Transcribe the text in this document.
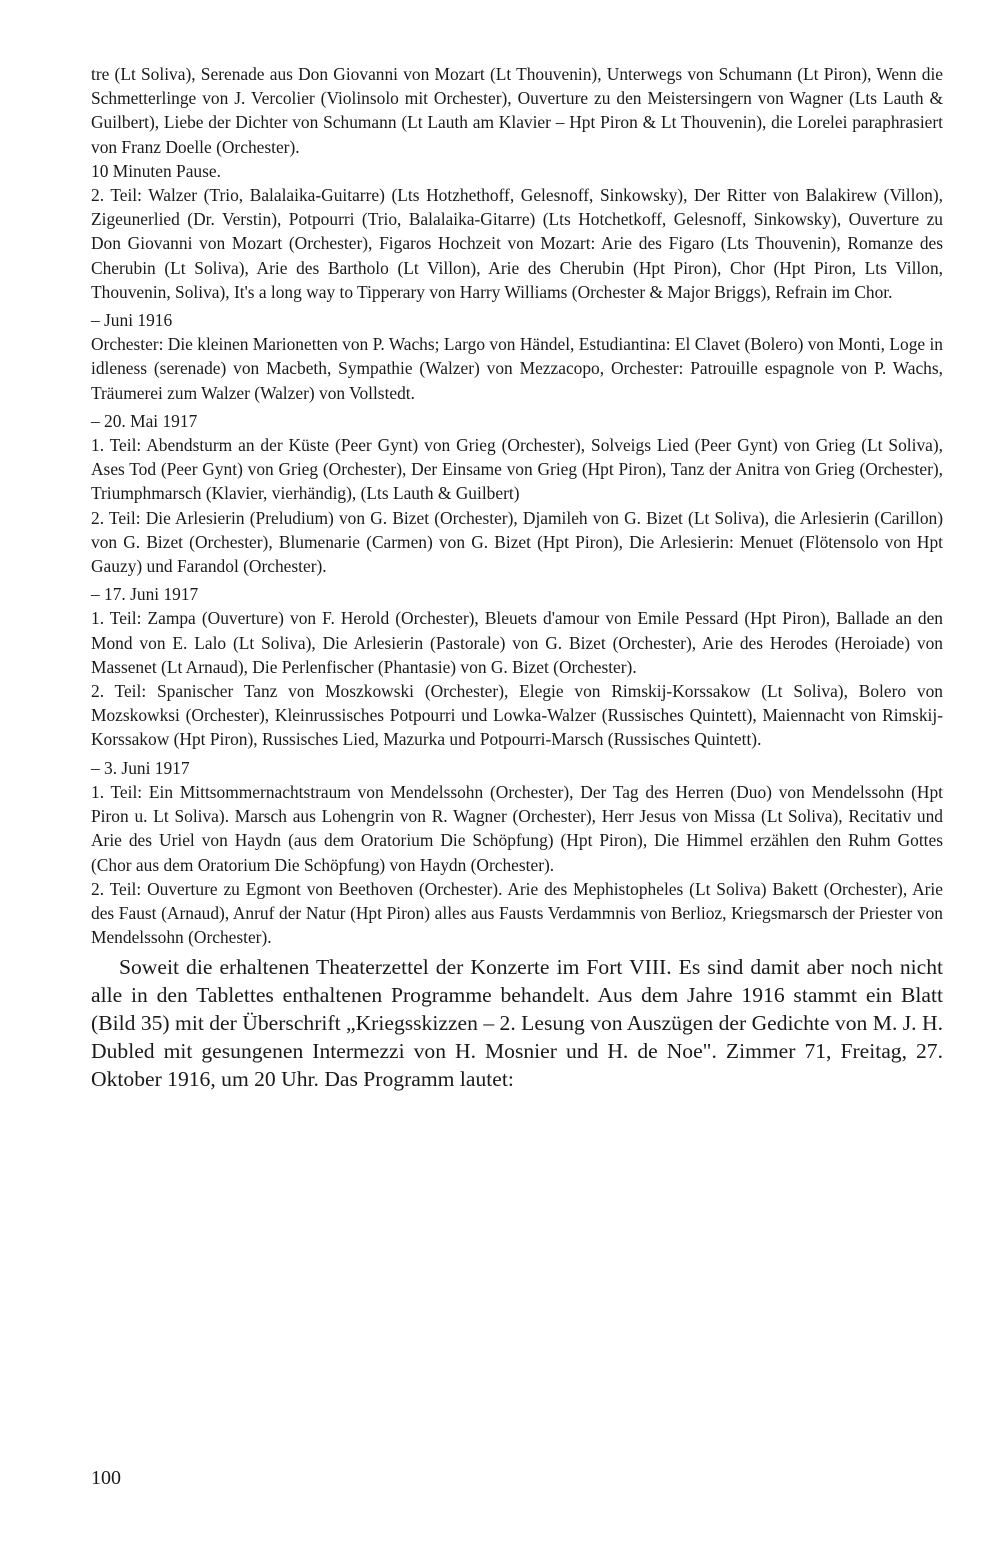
tre (Lt Soliva), Serenade aus Don Giovanni von Mozart (Lt Thouvenin), Unterwegs von Schumann (Lt Piron), Wenn die Schmetterlinge von J. Vercolier (Violinsolo mit Orchester), Ouverture zu den Meistersingern von Wagner (Lts Lauth & Guilbert), Liebe der Dichter von Schumann (Lt Lauth am Klavier – Hpt Piron & Lt Thouvenin), die Lorelei paraphrasiert von Franz Doelle (Orchester).

10 Minuten Pause.

2. Teil: Walzer (Trio, Balalaika-Guitarre) (Lts Hotzhethoff, Gelesnoff, Sinkowsky), Der Ritter von Balakirew (Villon), Zigeunerlied (Dr. Verstin), Potpourri (Trio, Balalaika-Gitarre) (Lts Hotchetkoff, Gelesnoff, Sinkowsky), Ouverture zu Don Giovanni von Mozart (Orchester), Figaros Hochzeit von Mozart: Arie des Figaro (Lts Thouvenin), Romanze des Cherubin (Lt Soliva), Arie des Bartholo (Lt Villon), Arie des Cherubin (Hpt Piron), Chor (Hpt Piron, Lts Villon, Thouvenin, Soliva), It's a long way to Tipperary von Harry Williams (Orchester & Major Briggs), Refrain im Chor.

– Juni 1916

Orchester: Die kleinen Marionetten von P. Wachs; Largo von Händel, Estudiantina: El Clavet (Bolero) von Monti, Loge in idleness (serenade) von Macbeth, Sympathie (Walzer) von Mezzacopo, Orchester: Patrouille espagnole von P. Wachs, Träumerei zum Walzer (Walzer) von Vollstedt.

– 20. Mai 1917

1. Teil: Abendsturm an der Küste (Peer Gynt) von Grieg (Orchester), Solveigs Lied (Peer Gynt) von Grieg (Lt Soliva), Ases Tod (Peer Gynt) von Grieg (Orchester), Der Einsame von Grieg (Hpt Piron), Tanz der Anitra von Grieg (Orchester), Triumphmarsch (Klavier, vierhändig), (Lts Lauth & Guilbert)

2. Teil: Die Arlesierin (Preludium) von G. Bizet (Orchester), Djamileh von G. Bizet (Lt Soliva), die Arlesierin (Carillon) von G. Bizet (Orchester), Blumenarie (Carmen) von G. Bizet (Hpt Piron), Die Arlesierin: Menuet (Flötensolo von Hpt Gauzy) und Farandol (Orchester).

– 17. Juni 1917

1. Teil: Zampa (Ouverture) von F. Herold (Orchester), Bleuets d'amour von Emile Pessard (Hpt Piron), Ballade an den Mond von E. Lalo (Lt Soliva), Die Arlesierin (Pastorale) von G. Bizet (Orchester), Arie des Herodes (Heroiade) von Massenet (Lt Arnaud), Die Perlenfischer (Phantasie) von G. Bizet (Orchester).

2. Teil: Spanischer Tanz von Moszkowski (Orchester), Elegie von Rimskij-Korssakow (Lt Soliva), Bolero von Mozskowksi (Orchester), Kleinrussisches Potpourri und Lowka-Walzer (Russisches Quintett), Maiennacht von Rimskij-Korssakow (Hpt Piron), Russisches Lied, Mazurka und Potpourri-Marsch (Russisches Quintett).

– 3. Juni 1917

1. Teil: Ein Mittsommernachtstraum von Mendelssohn (Orchester), Der Tag des Herren (Duo) von Mendelssohn (Hpt Piron u. Lt Soliva). Marsch aus Lohengrin von R. Wagner (Orchester), Herr Jesus von Missa (Lt Soliva), Recitativ und Arie des Uriel von Haydn (aus dem Oratorium Die Schöpfung) (Hpt Piron), Die Himmel erzählen den Ruhm Gottes (Chor aus dem Oratorium Die Schöpfung) von Haydn (Orchester).

2. Teil: Ouverture zu Egmont von Beethoven (Orchester). Arie des Mephistopheles (Lt Soliva) Bakett (Orchester), Arie des Faust (Arnaud), Anruf der Natur (Hpt Piron) alles aus Fausts Verdammnis von Berlioz, Kriegsmarsch der Priester von Mendelssohn (Orchester).

Soweit die erhaltenen Theaterzettel der Konzerte im Fort VIII. Es sind damit aber noch nicht alle in den Tablettes enthaltenen Programme behandelt. Aus dem Jahre 1916 stammt ein Blatt (Bild 35) mit der Überschrift „Kriegsskizzen – 2. Lesung von Auszügen der Gedichte von M. J. H. Dubled mit gesungenen Intermezzi von H. Mosnier und H. de Noe". Zimmer 71, Freitag, 27. Oktober 1916, um 20 Uhr. Das Programm lautet:

100
